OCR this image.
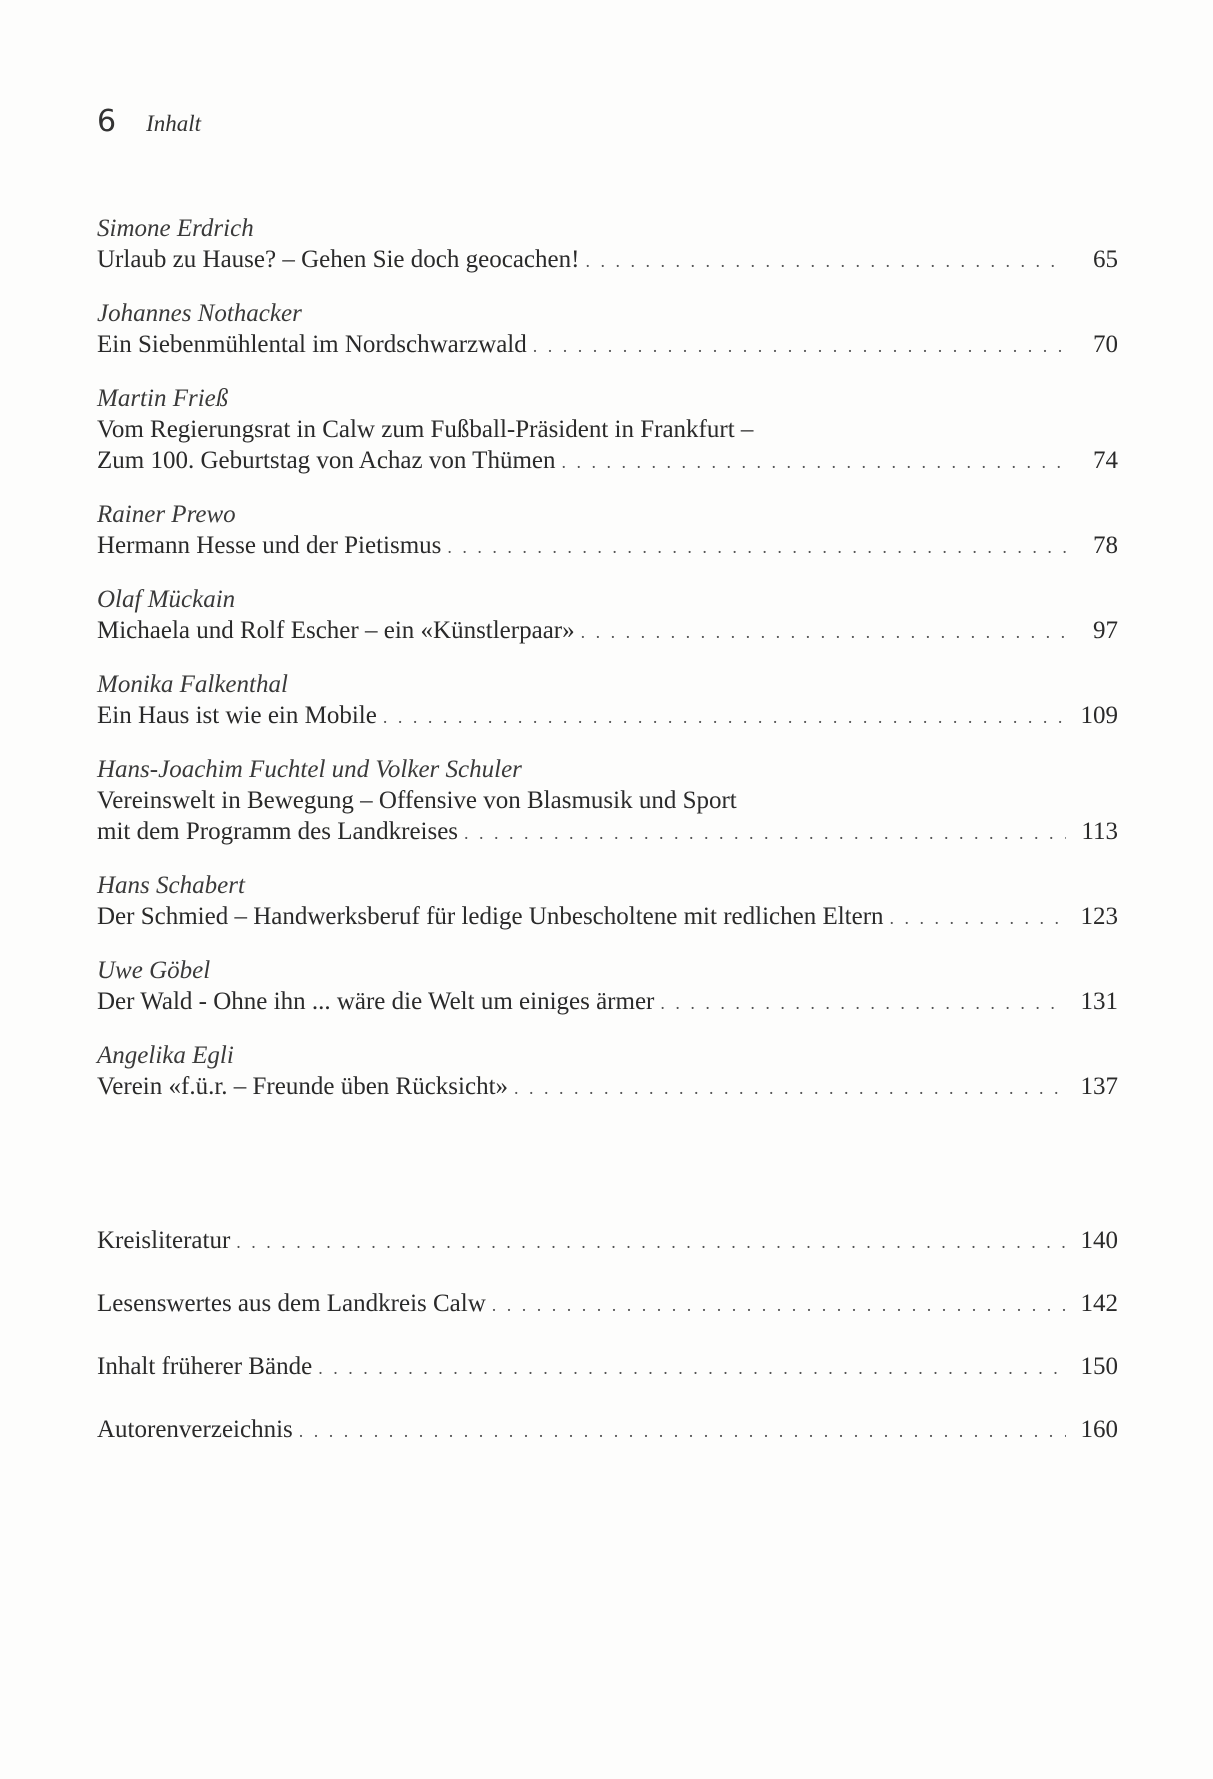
6 Inhalt
Simone Erdrich
Urlaub zu Hause? – Gehen Sie doch geocachen! . . .	65
Johannes Nothacker
Ein Siebenmühlental im Nordschwarzwald . . .	70
Martin Frieß
Vom Regierungsrat in Calw zum Fußball-Präsident in Frankfurt –
Zum 100. Geburtstag von Achaz von Thümen . . .	74
Rainer Prewo
Hermann Hesse und der Pietismus . . .	78
Olaf Mückain
Michaela und Rolf Escher – ein «Künstlerpaar» . . .	97
Monika Falkenthal
Ein Haus ist wie ein Mobile . . .	109
Hans-Joachim Fuchtel und Volker Schuler
Vereinswelt in Bewegung – Offensive von Blasmusik und Sport
mit dem Programm des Landkreises . . .	113
Hans Schabert
Der Schmied – Handwerksberuf für ledige Unbescholtene mit redlichen Eltern . . .	123
Uwe Göbel
Der Wald - Ohne ihn ... wäre die Welt um einiges ärmer . . .	131
Angelika Egli
Verein «f.ü.r. – Freunde üben Rücksicht» . . .	137
Kreisliteratur . . .	140
Lesenswertes aus dem Landkreis Calw . . .	142
Inhalt früherer Bände . . .	150
Autorenverzeichnis . . .	160
